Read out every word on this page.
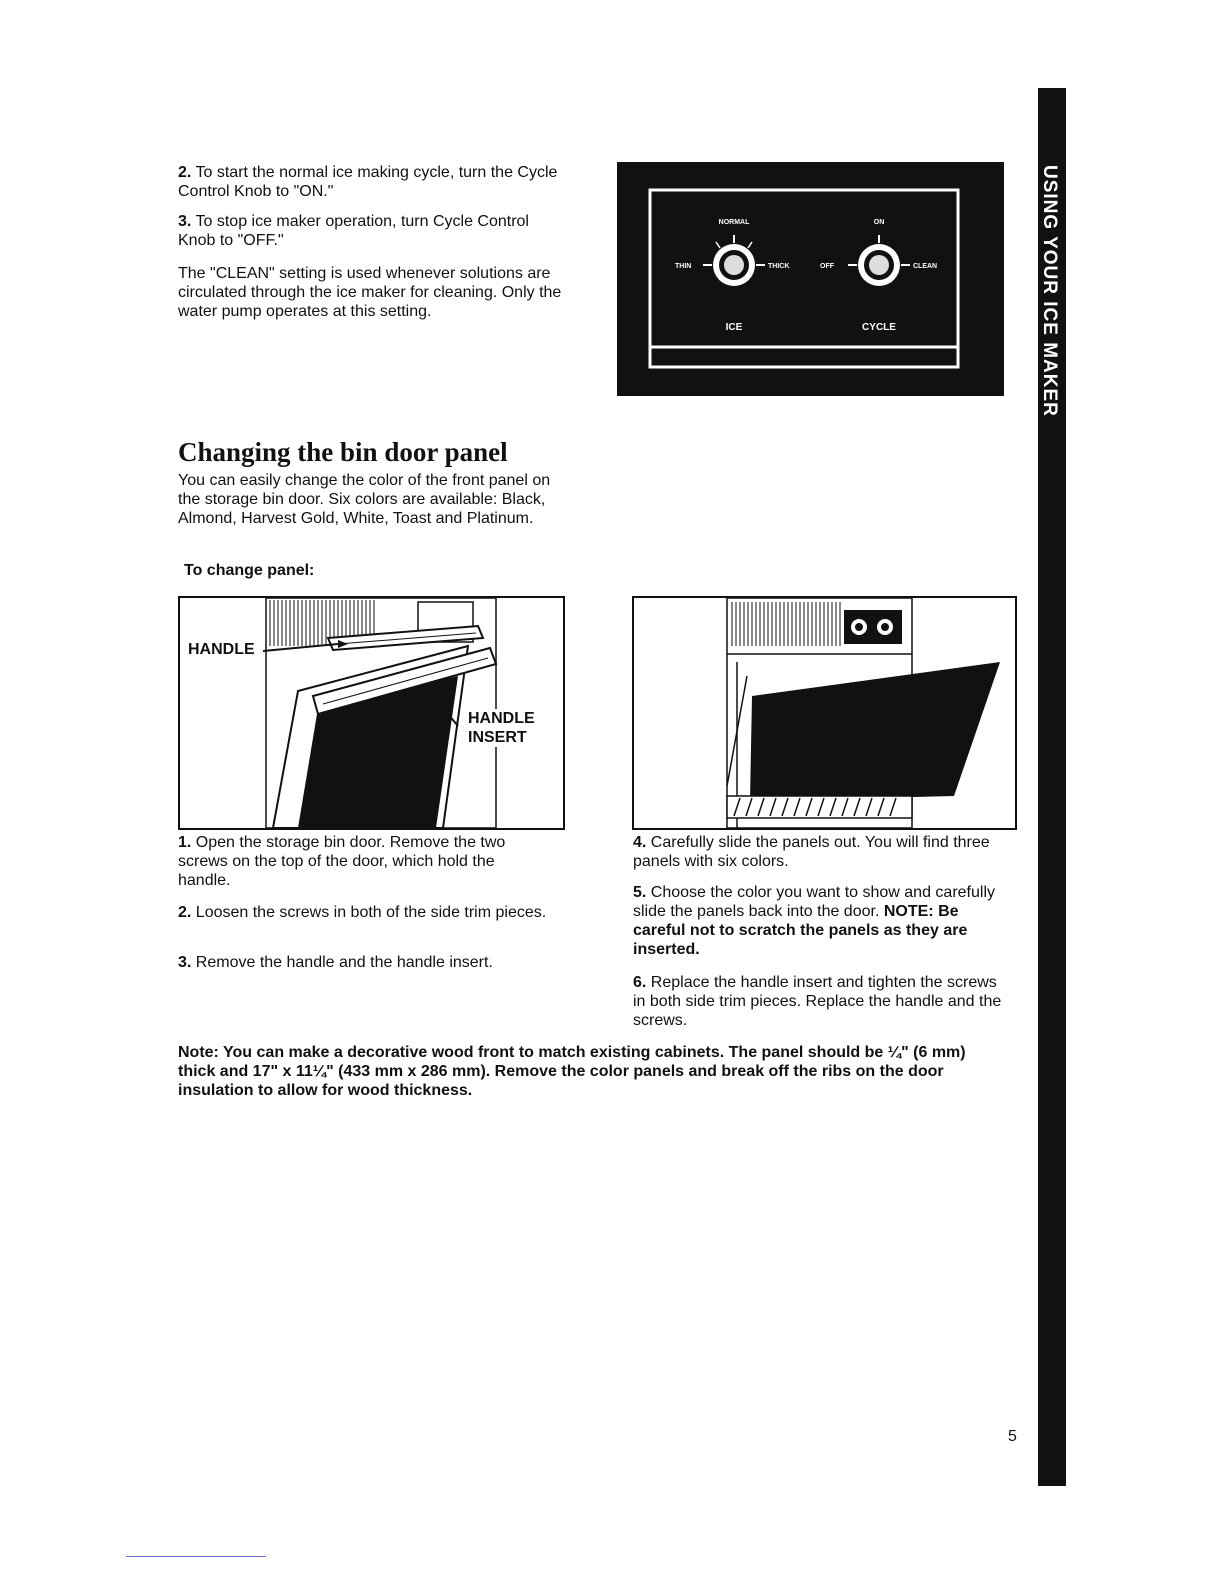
2. To start the normal ice making cycle, turn the Cycle Control Knob to "ON."

3. To stop ice maker operation, turn Cycle Control Knob to "OFF."

The "CLEAN" setting is used whenever solutions are circulated through the ice maker for cleaning. Only the water pump operates at this setting.

NORMAL
THIN	THICK
ON
OFF	CLEAN
ICE	CYCLE
Changing the bin door panel

You can easily change the color of the front panel on the storage bin door. Six colors are available: Black, Almond, Harvest Gold, White, Toast and Platinum.

To change panel:

HANDLE
HANDLE
INSERT

1. Open the storage bin door. Remove the two screws on the top of the door, which hold the handle.

2. Loosen the screws in both of the side trim pieces.

3. Remove the handle and the handle insert.

4. Carefully slide the panels out. You will find three panels with six colors.

5. Choose the color you want to show and carefully slide the panels back into the door. NOTE: Be careful not to scratch the panels as they are inserted.

6. Replace the handle insert and tighten the screws in both side trim pieces. Replace the handle and the screws.

Note: You can make a decorative wood front to match existing cabinets. The panel should be ¼" (6 mm) thick and 17" x 11¼" (433 mm x 286 mm). Remove the color panels and break off the ribs on the door insulation to allow for wood thickness.

USING YOUR ICE MAKER
5
